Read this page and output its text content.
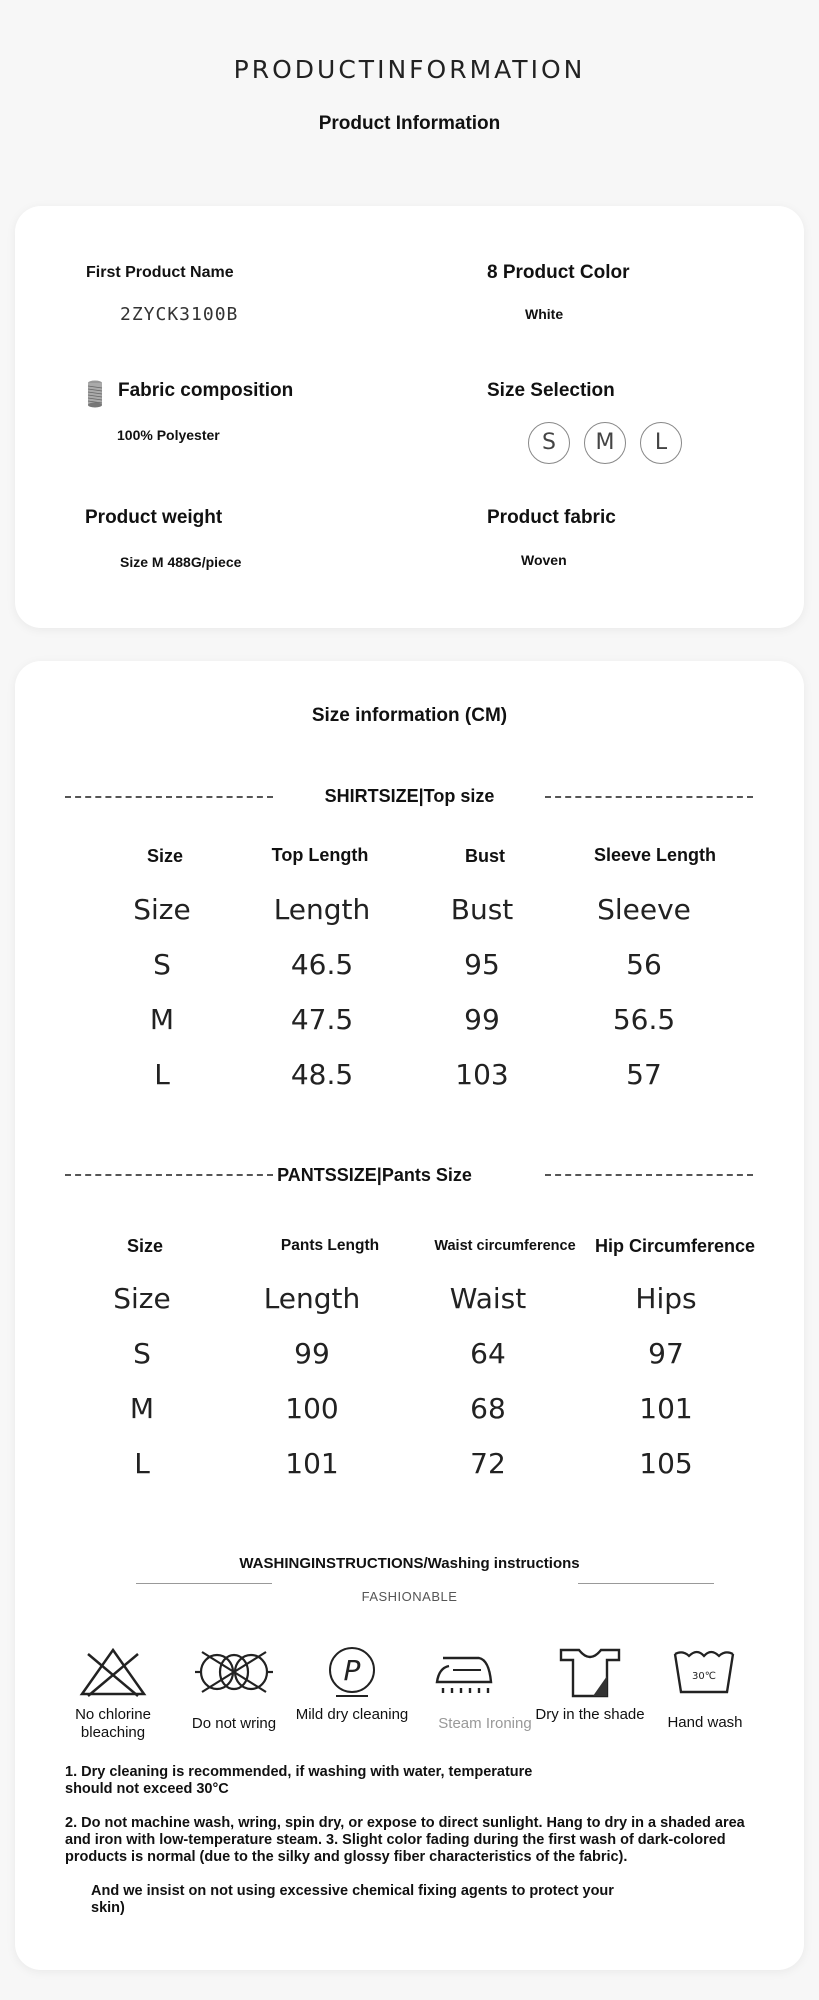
PRODUCTINFORMATION
Product Information
First Product Name
2ZYCK3100B
8 Product Color
White
Fabric composition
100% Polyester
Size Selection
S	M	L
Product weight
Size M 488G/piece
Product fabric
Woven
Size information (CM)
SHIRTSIZE|Top size
Size	Top Length	Bust	Sleeve Length
Size	Length	Bust	Sleeve
S	46.5	95	56
M	47.5	99	56.5
L	48.5	103	57
PANTSSIZE|Pants Size
Size	Pants Length	Waist circumference	Hip Circumference
Size	Length	Waist	Hips
S	99	64	97
M	100	68	101
L	101	72	105
WASHINGINSTRUCTIONS/Washing instructions
FASHIONABLE
P	30℃
No chlorine bleaching
Do not wring
Mild dry cleaning
Steam Ironing
Dry in the shade	Hand wash
1. Dry cleaning is recommended, if washing with water, temperature should not exceed 30°C
2. Do not machine wash, wring, spin dry, or expose to direct sunlight. Hang to dry in a shaded area and iron with low-temperature steam. 3. Slight color fading during the first wash of dark-colored products is normal (due to the silky and glossy fiber characteristics of the fabric).
And we insist on not using excessive chemical fixing agents to protect your skin)
